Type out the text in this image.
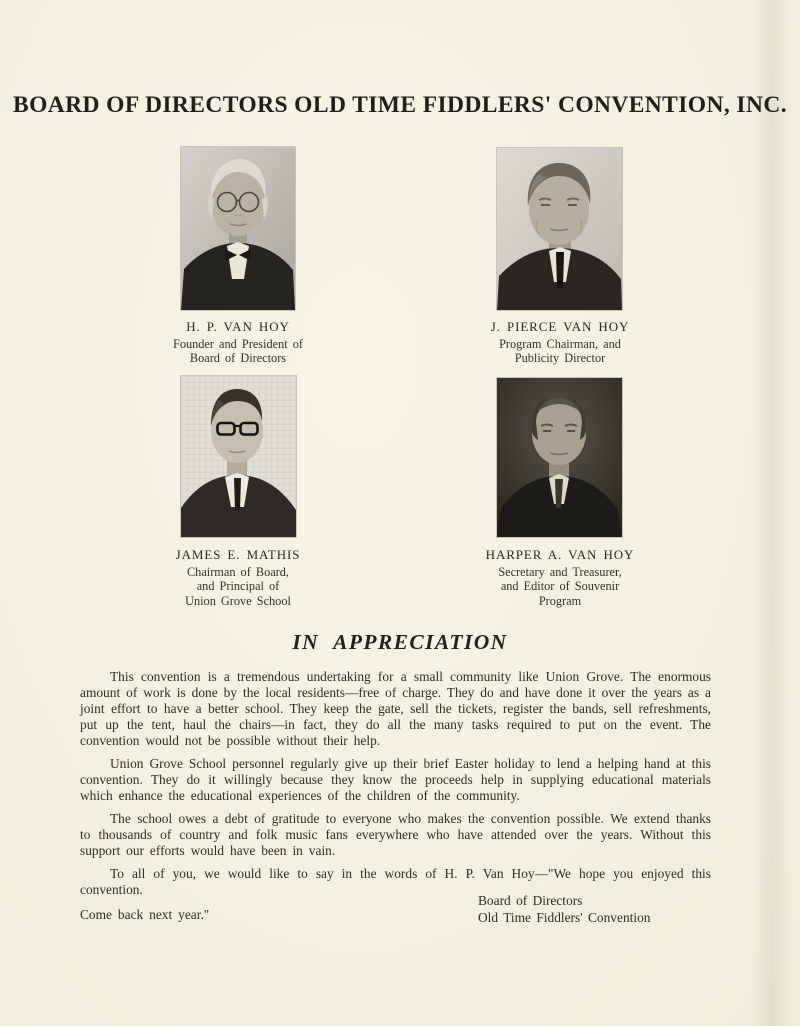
BOARD OF DIRECTORS OLD TIME FIDDLERS' CONVENTION, INC.
H. P. VAN HOY
Founder and President of
Board of Directors
J. PIERCE VAN HOY
Program Chairman, and
Publicity Director
JAMES E. MATHIS
Chairman of Board,
and Principal of
Union Grove School
HARPER A. VAN HOY
Secretary and Treasurer,
and Editor of Souvenir
Program
IN APPRECIATION

This convention is a tremendous undertaking for a small community like Union Grove. The enormous amount of work is done by the local residents—free of charge. They do and have done it over the years as a joint effort to have a better school. They keep the gate, sell the tickets, register the bands, sell refreshments, put up the tent, haul the chairs—in fact, they do all the many tasks required to put on the event. The convention would not be possible without their help.

Union Grove School personnel regularly give up their brief Easter holiday to lend a helping hand at this convention. They do it willingly because they know the proceeds help in supplying educational materials which enhance the educational experiences of the children of the community.

The school owes a debt of gratitude to everyone who makes the convention possible. We extend thanks to thousands of country and folk music fans everywhere who have attended over the years. Without this support our efforts would have been in vain.

To all of you, we would like to say in the words of H. P. Van Hoy—"We hope you enjoyed this convention.

Come back next year."

Board of Directors
Old Time Fiddlers' Convention
